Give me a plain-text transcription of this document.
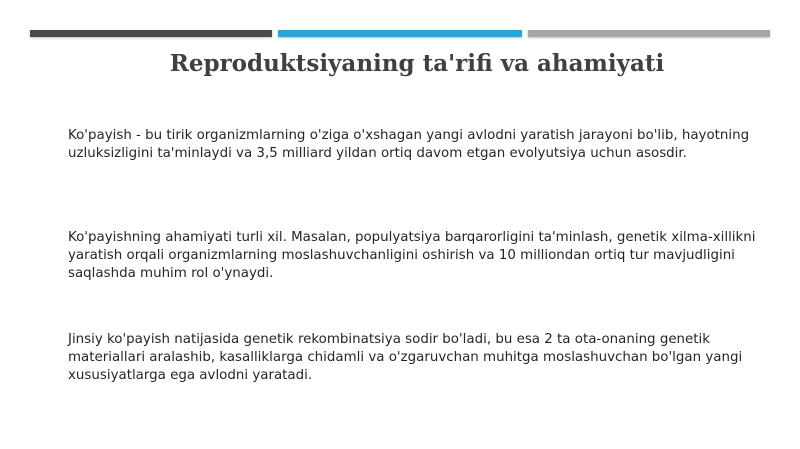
Reproduktsiyaning ta'rifi va ahamiyati

Ko'payish - bu tirik organizmlarning o'ziga o'xshagan yangi avlodni yaratish jarayoni bo'lib, hayotning uzluksizligini ta'minlaydi va 3,5 milliard yildan ortiq davom etgan evolyutsiya uchun asosdir.

Ko'payishning ahamiyati turli xil. Masalan, populyatsiya barqarorligini ta'minlash, genetik xilma-xillikni yaratish orqali organizmlarning moslashuvchanligini oshirish va 10 milliondan ortiq tur mavjudligini saqlashda muhim rol o'ynaydi.

Jinsiy ko'payish natijasida genetik rekombinatsiya sodir bo'ladi, bu esa 2 ta ota-onaning genetik materiallari aralashib, kasalliklarga chidamli va o'zgaruvchan muhitga moslashuvchan bo'lgan yangi xususiyatlarga ega avlodni yaratadi.
